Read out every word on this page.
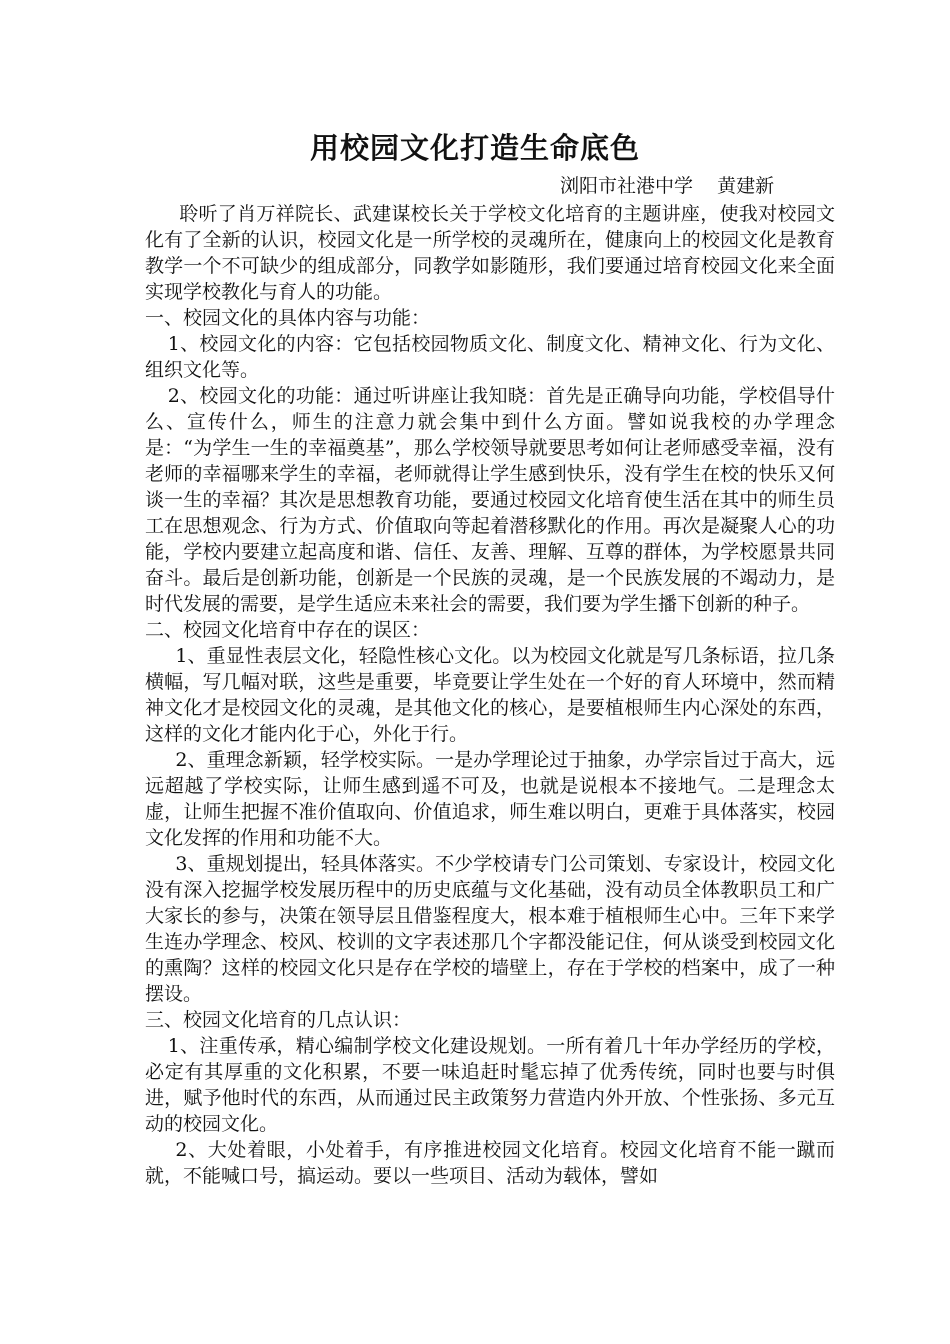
用校园文化打造生命底色
浏阳市社港中学    黄建新

聆听了肖万祥院长、武建谋校长关于学校文化培育的主题讲座，使我对校园文化有了全新的认识，校园文化是一所学校的灵魂所在，健康向上的校园文化是教育教学一个不可缺少的组成部分，同教学如影随形，我们要通过培育校园文化来全面实现学校教化与育人的功能。

一、校园文化的具体内容与功能：

1、校园文化的内容：它包括校园物质文化、制度文化、精神文化、行为文化、组织文化等。

2、校园文化的功能：通过听讲座让我知晓：首先是正确导向功能，学校倡导什么、宣传什么，师生的注意力就会集中到什么方面。譬如说我校的办学理念是：“为学生一生的幸福奠基”，那么学校领导就要思考如何让老师感受幸福，没有老师的幸福哪来学生的幸福，老师就得让学生感到快乐，没有学生在校的快乐又何谈一生的幸福？其次是思想教育功能，要通过校园文化培育使生活在其中的师生员工在思想观念、行为方式、价值取向等起着潜移默化的作用。再次是凝聚人心的功能，学校内要建立起高度和谐、信任、友善、理解、互尊的群体，为学校愿景共同奋斗。最后是创新功能，创新是一个民族的灵魂，是一个民族发展的不竭动力，是时代发展的需要，是学生适应未来社会的需要，我们要为学生播下创新的种子。

二、校园文化培育中存在的误区：

1、重显性表层文化，轻隐性核心文化。以为校园文化就是写几条标语，拉几条横幅，写几幅对联，这些是重要，毕竟要让学生处在一个好的育人环境中，然而精神文化才是校园文化的灵魂，是其他文化的核心，是要植根师生内心深处的东西，这样的文化才能内化于心，外化于行。

2、重理念新颖，轻学校实际。一是办学理论过于抽象，办学宗旨过于高大，远远超越了学校实际，让师生感到遥不可及，也就是说根本不接地气。二是理念太虚，让师生把握不准价值取向、价值追求，师生难以明白，更难于具体落实，校园文化发挥的作用和功能不大。

3、重规划提出，轻具体落实。不少学校请专门公司策划、专家设计，校园文化没有深入挖掘学校发展历程中的历史底蕴与文化基础，没有动员全体教职员工和广大家长的参与，决策在领导层且借鉴程度大，根本难于植根师生心中。三年下来学生连办学理念、校风、校训的文字表述那几个字都没能记住，何从谈受到校园文化的熏陶？这样的校园文化只是存在学校的墙壁上，存在于学校的档案中，成了一种摆设。

三、校园文化培育的几点认识：

1、注重传承，精心编制学校文化建设规划。一所有着几十年办学经历的学校，必定有其厚重的文化积累，不要一味追赶时髦忘掉了优秀传统，同时也要与时俱进，赋予他时代的东西，从而通过民主政策努力营造内外开放、个性张扬、多元互动的校园文化。

2、大处着眼，小处着手，有序推进校园文化培育。校园文化培育不能一蹴而就，不能喊口号，搞运动。要以一些项目、活动为载体，譬如
